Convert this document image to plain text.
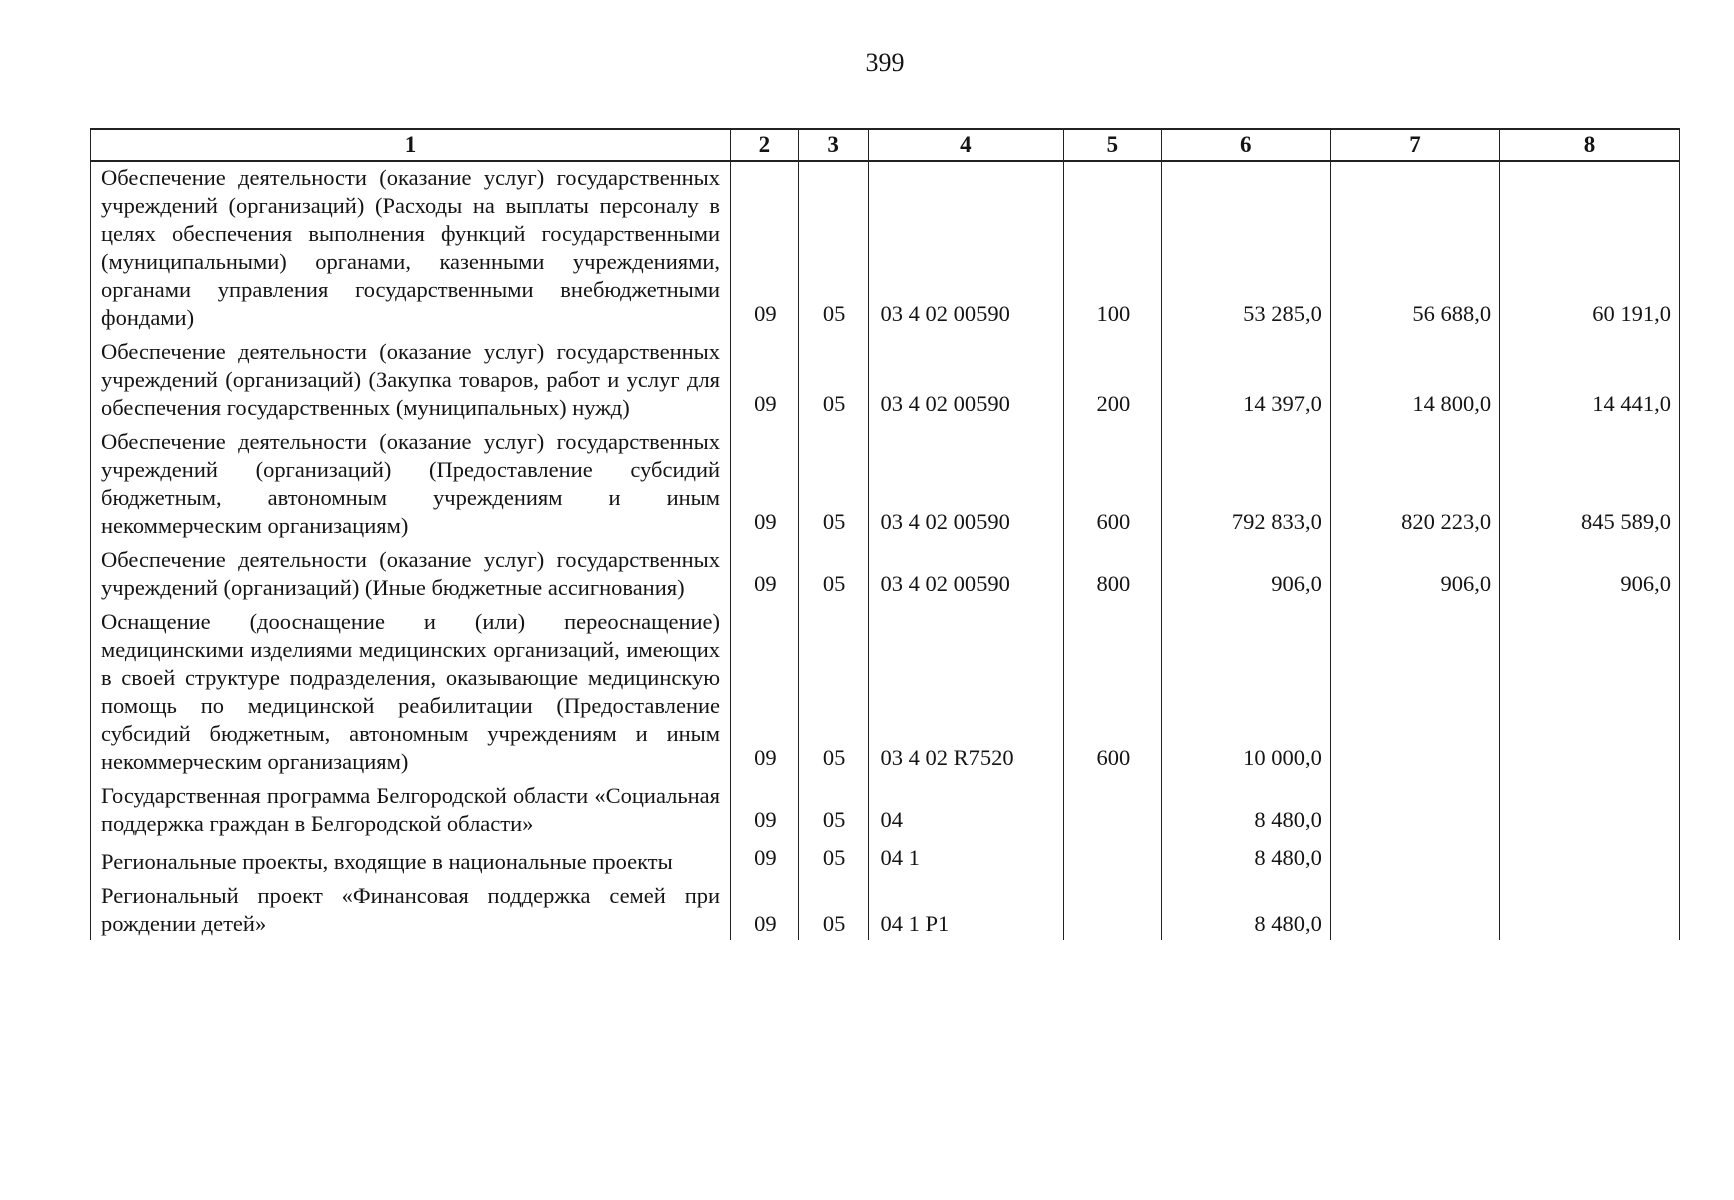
399
1	2	3	4	5	6	7	8
Обеспечение деятельности (оказание услуг) государственных учреждений (организаций) (Расходы на выплаты персоналу в целях обеспечения выполнения функций государственными (муниципальными) органами, казенными учреждениями, органами управления государственными внебюджетными фондами)	09	05	03 4 02 00590	100	53 285,0	56 688,0	60 191,0
Обеспечение деятельности (оказание услуг) государственных учреждений (организаций) (Закупка товаров, работ и услуг для обеспечения государственных (муниципальных) нужд)	09	05	03 4 02 00590	200	14 397,0	14 800,0	14 441,0
Обеспечение деятельности (оказание услуг) государственных учреждений (организаций) (Предоставление субсидий бюджетным, автономным учреждениям и иным некоммерческим организациям)	09	05	03 4 02 00590	600	792 833,0	820 223,0	845 589,0
Обеспечение деятельности (оказание услуг) государственных учреждений (организаций) (Иные бюджетные ассигнования)	09	05	03 4 02 00590	800	906,0	906,0	906,0
Оснащение (дооснащение и (или) переоснащение) медицинскими изделиями медицинских организаций, имеющих в своей структуре подразделения, оказывающие медицинскую помощь по медицинской реабилитации (Предоставление субсидий бюджетным, автономным учреждениям и иным некоммерческим организациям)	09	05	03 4 02 R7520	600	10 000,0		
Государственная программа Белгородской области «Социальная поддержка граждан в Белгородской области»	09	05	04		8 480,0		
Региональные проекты, входящие в национальные проекты	09	05	04 1		8 480,0		
Региональный проект «Финансовая поддержка семей при рождении детей»	09	05	04 1 P1		8 480,0		
